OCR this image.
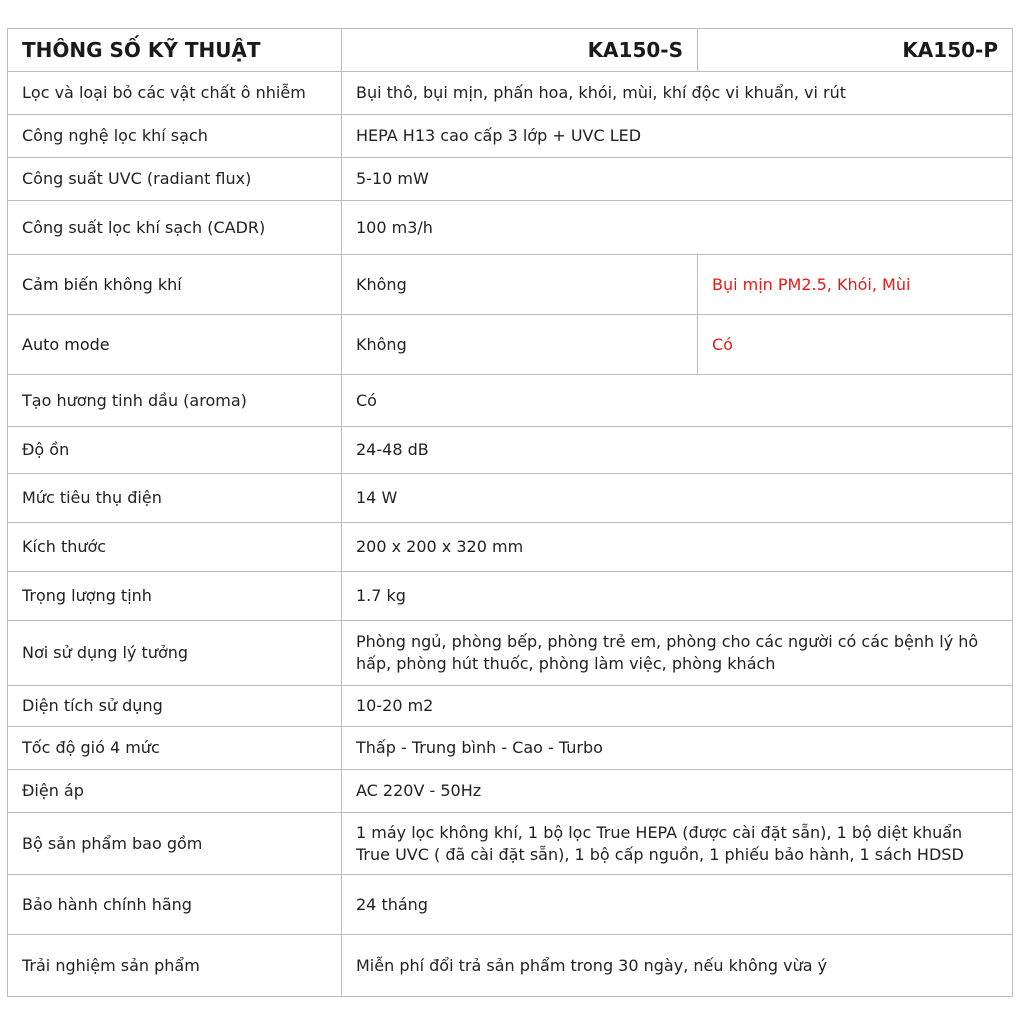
THÔNG SỐ KỸ THUẬT	KA150-S	KA150-P
Lọc và loại bỏ các vật chất ô nhiễm	Bụi thô, bụi mịn, phấn hoa, khói, mùi, khí độc vi khuẩn, vi rút	
Công nghệ lọc khí sạch	HEPA H13 cao cấp 3 lớp + UVC LED	
Công suất UVC (radiant flux)	5-10 mW	
Công suất lọc khí sạch (CADR)	100 m3/h	
Cảm biến không khí	Không	Bụi mịn PM2.5, Khói, Mùi
Auto mode	Không	Có
Tạo hương tinh dầu (aroma)	Có	
Độ ồn	24-48 dB	
Mức tiêu thụ điện	14 W	
Kích thước	200 x 200 x 320 mm	
Trọng lượng tịnh	1.7 kg	
Nơi sử dụng lý tưởng	Phòng ngủ, phòng bếp, phòng trẻ em, phòng cho các người có các bệnh lý hô hấp, phòng hút thuốc, phòng làm việc, phòng khách	
Diện tích sử dụng	10-20 m2	
Tốc độ gió 4 mức	Thấp - Trung bình - Cao - Turbo	
Điện áp	AC 220V - 50Hz	
Bộ sản phẩm bao gồm	1 máy lọc không khí, 1 bộ lọc True HEPA (được cài đặt sẵn), 1 bộ diệt khuẩn True UVC ( đã cài đặt sẵn), 1 bộ cấp nguồn, 1 phiếu bảo hành, 1 sách HDSD	
Bảo hành chính hãng	24 tháng	
Trải nghiệm sản phẩm	Miễn phí đổi trả sản phẩm trong 30 ngày, nếu không vừa ý	
